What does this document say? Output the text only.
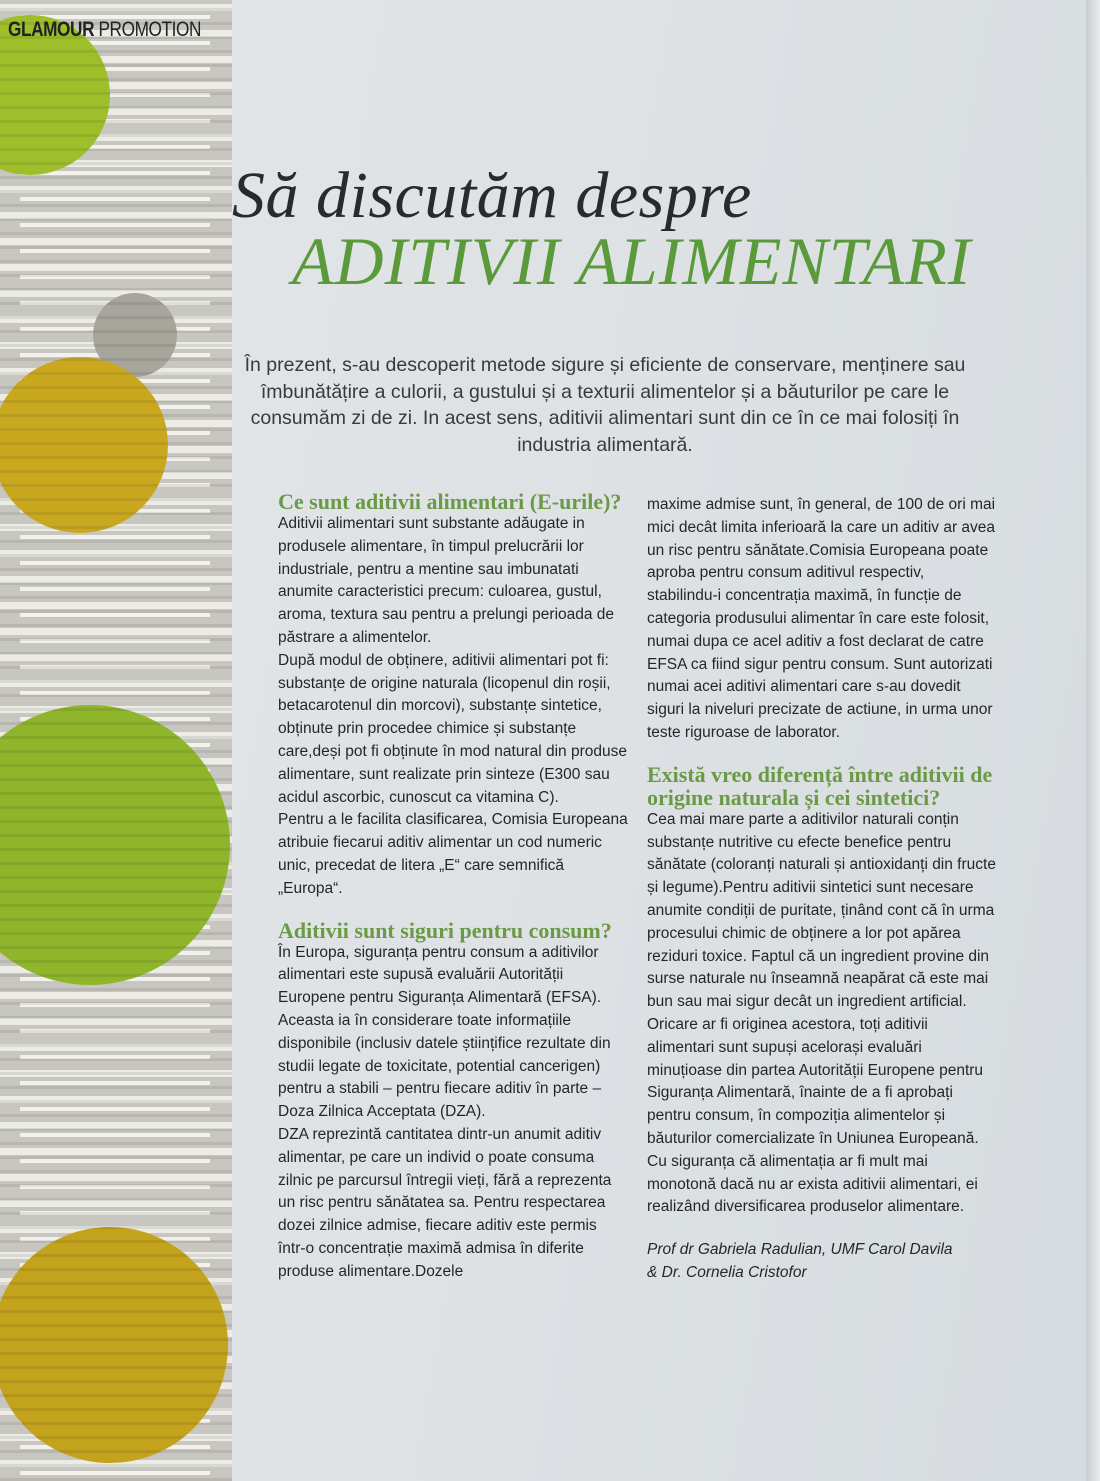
GLAMOUR PROMOTION
Să discutăm despre
ADITIVII ALIMENTARI
În prezent, s-au descoperit metode sigure și eficiente de conservare, menținere sau îmbunătățire a culorii, a gustului și a texturii alimentelor și a băuturilor pe care le consumăm zi de zi. In acest sens, aditivii alimentari sunt din ce în ce mai folosiți în industria alimentară.

Ce sunt aditivii alimentari (E-urile)?

Aditivii alimentari sunt substante adăugate in produsele alimentare, în timpul prelucrării lor industriale, pentru a mentine sau imbunatati anumite caracteristici precum: culoarea, gustul, aroma, textura sau pentru a prelungi perioada de păstrare a alimentelor.

După modul de obținere, aditivii alimentari pot fi: substanțe de origine naturala (licopenul din roșii, betacarotenul din morcovi), substanțe sintetice, obținute prin procedee chimice și substanțe care,deși pot fi obținute în mod natural din produse alimentare, sunt realizate prin sinteze (E300 sau acidul ascorbic, cunoscut ca vitamina C).

Pentru a le facilita clasificarea, Comisia Europeana atribuie fiecarui aditiv alimentar un cod numeric unic, precedat de litera „E“ care semnifică „Europa“.

Aditivii sunt siguri pentru consum?

În Europa, siguranța pentru consum a aditivilor alimentari este supusă evaluării Autorității Europene pentru Siguranța Alimentară (EFSA). Aceasta ia în considerare toate informațiile disponibile (inclusiv datele științifice rezultate din studii legate de toxicitate, potential cancerigen) pentru a stabili – pentru fiecare aditiv în parte – Doza Zilnica Acceptata (DZA).

DZA reprezintă cantitatea dintr-un anumit aditiv alimentar, pe care un individ o poate consuma zilnic pe parcursul întregii vieți, fără a reprezenta un risc pentru sănătatea sa. Pentru respectarea dozei zilnice admise, fiecare aditiv este permis într-o concentrație maximă admisa în diferite produse alimentare.Dozele

maxime admise sunt, în general, de 100 de ori mai mici decât limita inferioară la care un aditiv ar avea un risc pentru sănătate.Comisia Europeana poate aproba pentru consum aditivul respectiv, stabilindu-i concentrația maximă, în funcție de categoria produsului alimentar în care este folosit, numai dupa ce acel aditiv a fost declarat de catre EFSA ca fiind sigur pentru consum. Sunt autorizati numai acei aditivi alimentari care s-au dovedit siguri la niveluri precizate de actiune, in urma unor teste riguroase de laborator.

Există vreo diferență între aditivii de origine naturala și cei sintetici?

Cea mai mare parte a aditivilor naturali conțin substanțe nutritive cu efecte benefice pentru sănătate (coloranți naturali și antioxidanți din fructe și legume).Pentru aditivii sintetici sunt necesare anumite condiții de puritate, ținând cont că în urma procesului chimic de obținere a lor pot apărea reziduri toxice. Faptul că un ingredient provine din surse naturale nu înseamnă neapărat că este mai bun sau mai sigur decât un ingredient artificial.

Oricare ar fi originea acestora, toți aditivii alimentari sunt supuși acelorași evaluări minuțioase din partea Autorității Europene pentru Siguranța Alimentară, înainte de a fi aprobați pentru consum, în compoziția alimentelor și băuturilor comercializate în Uniunea Europeană.

Cu siguranța că alimentația ar fi mult mai monotonă dacă nu ar exista aditivii alimentari, ei realizând diversificarea produselor alimentare.

Prof dr Gabriela Radulian, UMF Carol Davila

& Dr. Cornelia Cristofor
